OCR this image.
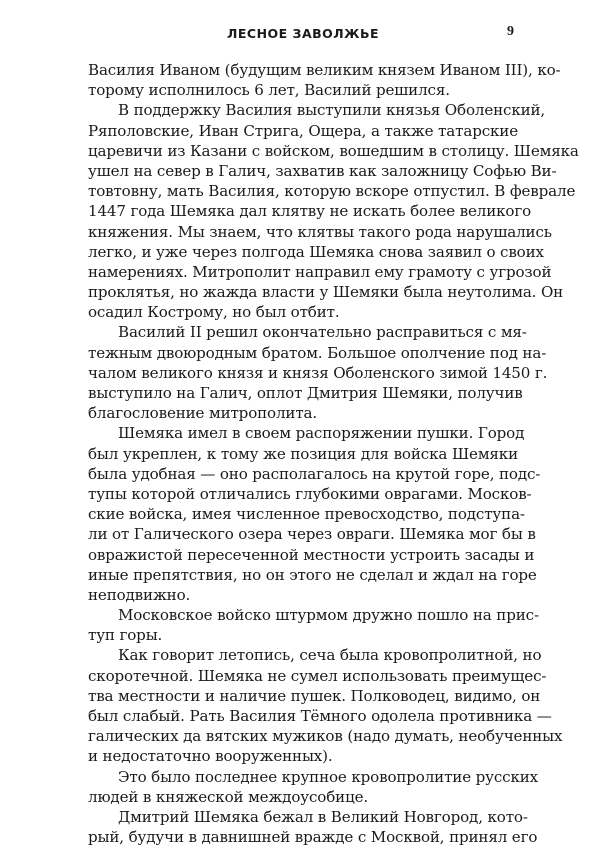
ЛЕСНОЕ ЗАВОЛЖЬЕ	9
Василия Иваном (будущим великим князем Иваном III), ко-
торому исполнилось 6 лет, Василий решился.
В поддержку Василия выступили князья Оболенский,
Ряполовские, Иван Стрига, Ощера, а также татарские
царевичи из Казани с войском, вошедшим в столицу. Шемяка
ушел на север в Галич, захватив как заложницу Софью Ви-
товтовну, мать Василия, которую вскоре отпустил. В феврале
1447 года Шемяка дал клятву не искать более великого
княжения. Мы знаем, что клятвы такого рода нарушались
легко, и уже через полгода Шемяка снова заявил о своих
намерениях. Митрополит направил ему грамоту с угрозой
проклятья, но жажда власти у Шемяки была неутолима. Он
осадил Кострому, но был отбит.
Василий II решил окончательно расправиться с мя-
тежным двоюродным братом. Большое ополчение под на-
чалом великого князя и князя Оболенского зимой 1450 г.
выступило на Галич, оплот Дмитрия Шемяки, получив
благословение митрополита.
Шемяка имел в своем распоряжении пушки. Город
был укреплен, к тому же позиция для войска Шемяки
была удобная — оно располагалось на крутой горе, подс-
тупы которой отличались глубокими оврагами. Москов-
ские войска, имея численное превосходство, подступа-
ли от Галического озера через овраги. Шемяка мог бы в
овражистой пересеченной местности устроить засады и
иные препятствия, но он этого не сделал и ждал на горе
неподвижно.
Московское войско штурмом дружно пошло на прис-
туп горы.
Как говорит летопись, сеча была кровопролитной, но
скоротечной. Шемяка не сумел использовать преимущес-
тва местности и наличие пушек. Полководец, видимо, он
был слабый. Рать Василия Тёмного одолела противника —
галических да вятских мужиков (надо думать, необученных
и недостаточно вооруженных).
Это было последнее крупное кровопролитие русских
людей в княжеской междоусобице.
Дмитрий Шемяка бежал в Великий Новгород, кото-
рый, будучи в давнишней вражде с Москвой, принял его
